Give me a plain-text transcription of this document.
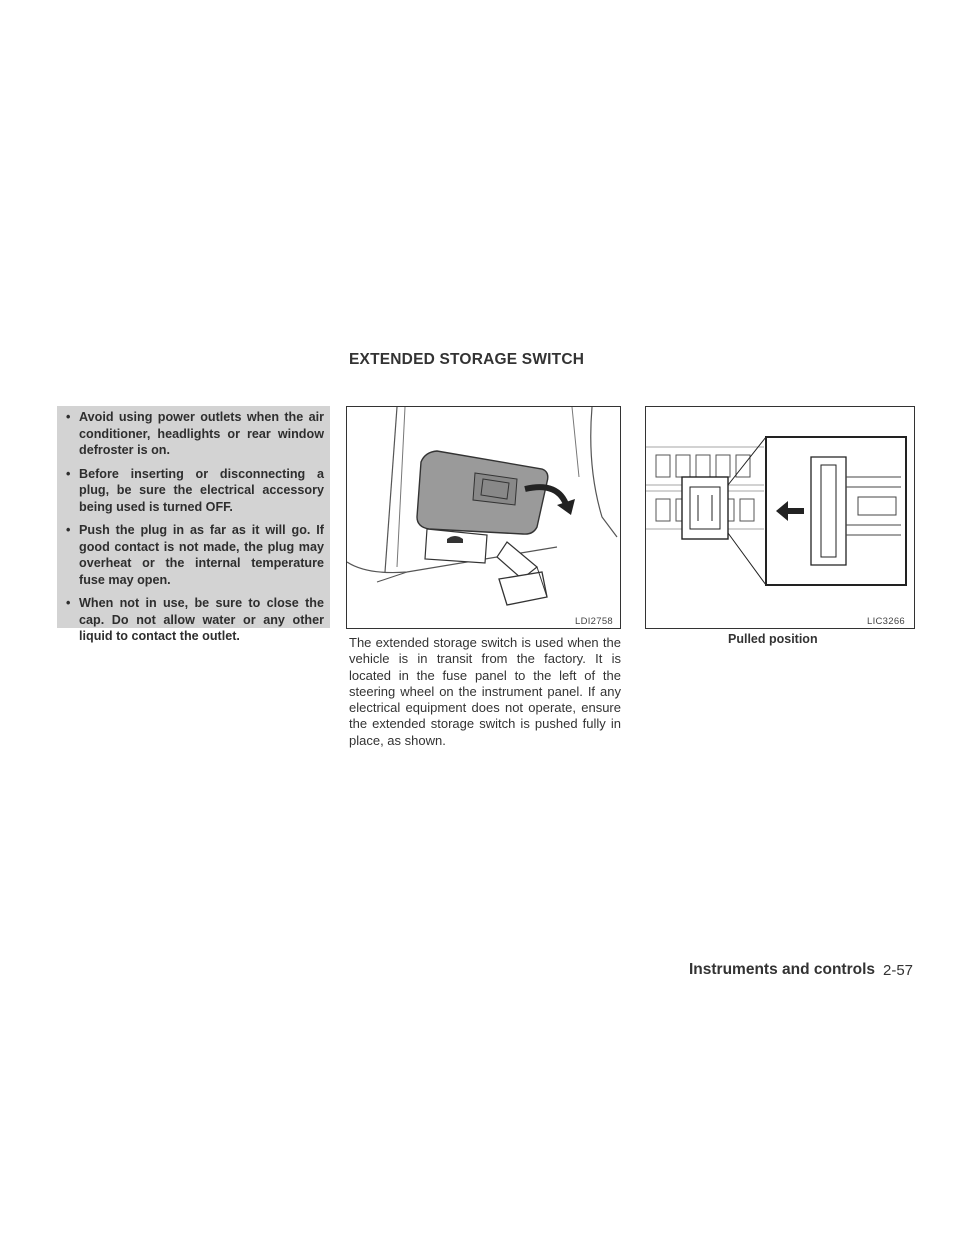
EXTENDED STORAGE SWITCH
• Avoid using power outlets when the air conditioner, headlights or rear window defroster is on.
• Before inserting or disconnecting a plug, be sure the electrical accessory being used is turned OFF.
• Push the plug in as far as it will go. If good contact is not made, the plug may overheat or the internal temperature fuse may open.
• When not in use, be sure to close the cap. Do not allow water or any other liquid to contact the outlet.
LDI2758	LIC3266
Pulled position

The extended storage switch is used when the vehicle is in transit from the factory. It is located in the fuse panel to the left of the steering wheel on the instrument panel. If any electrical equipment does not operate, ensure the extended storage switch is pushed fully in place, as shown.

Instruments and controls 2-57
